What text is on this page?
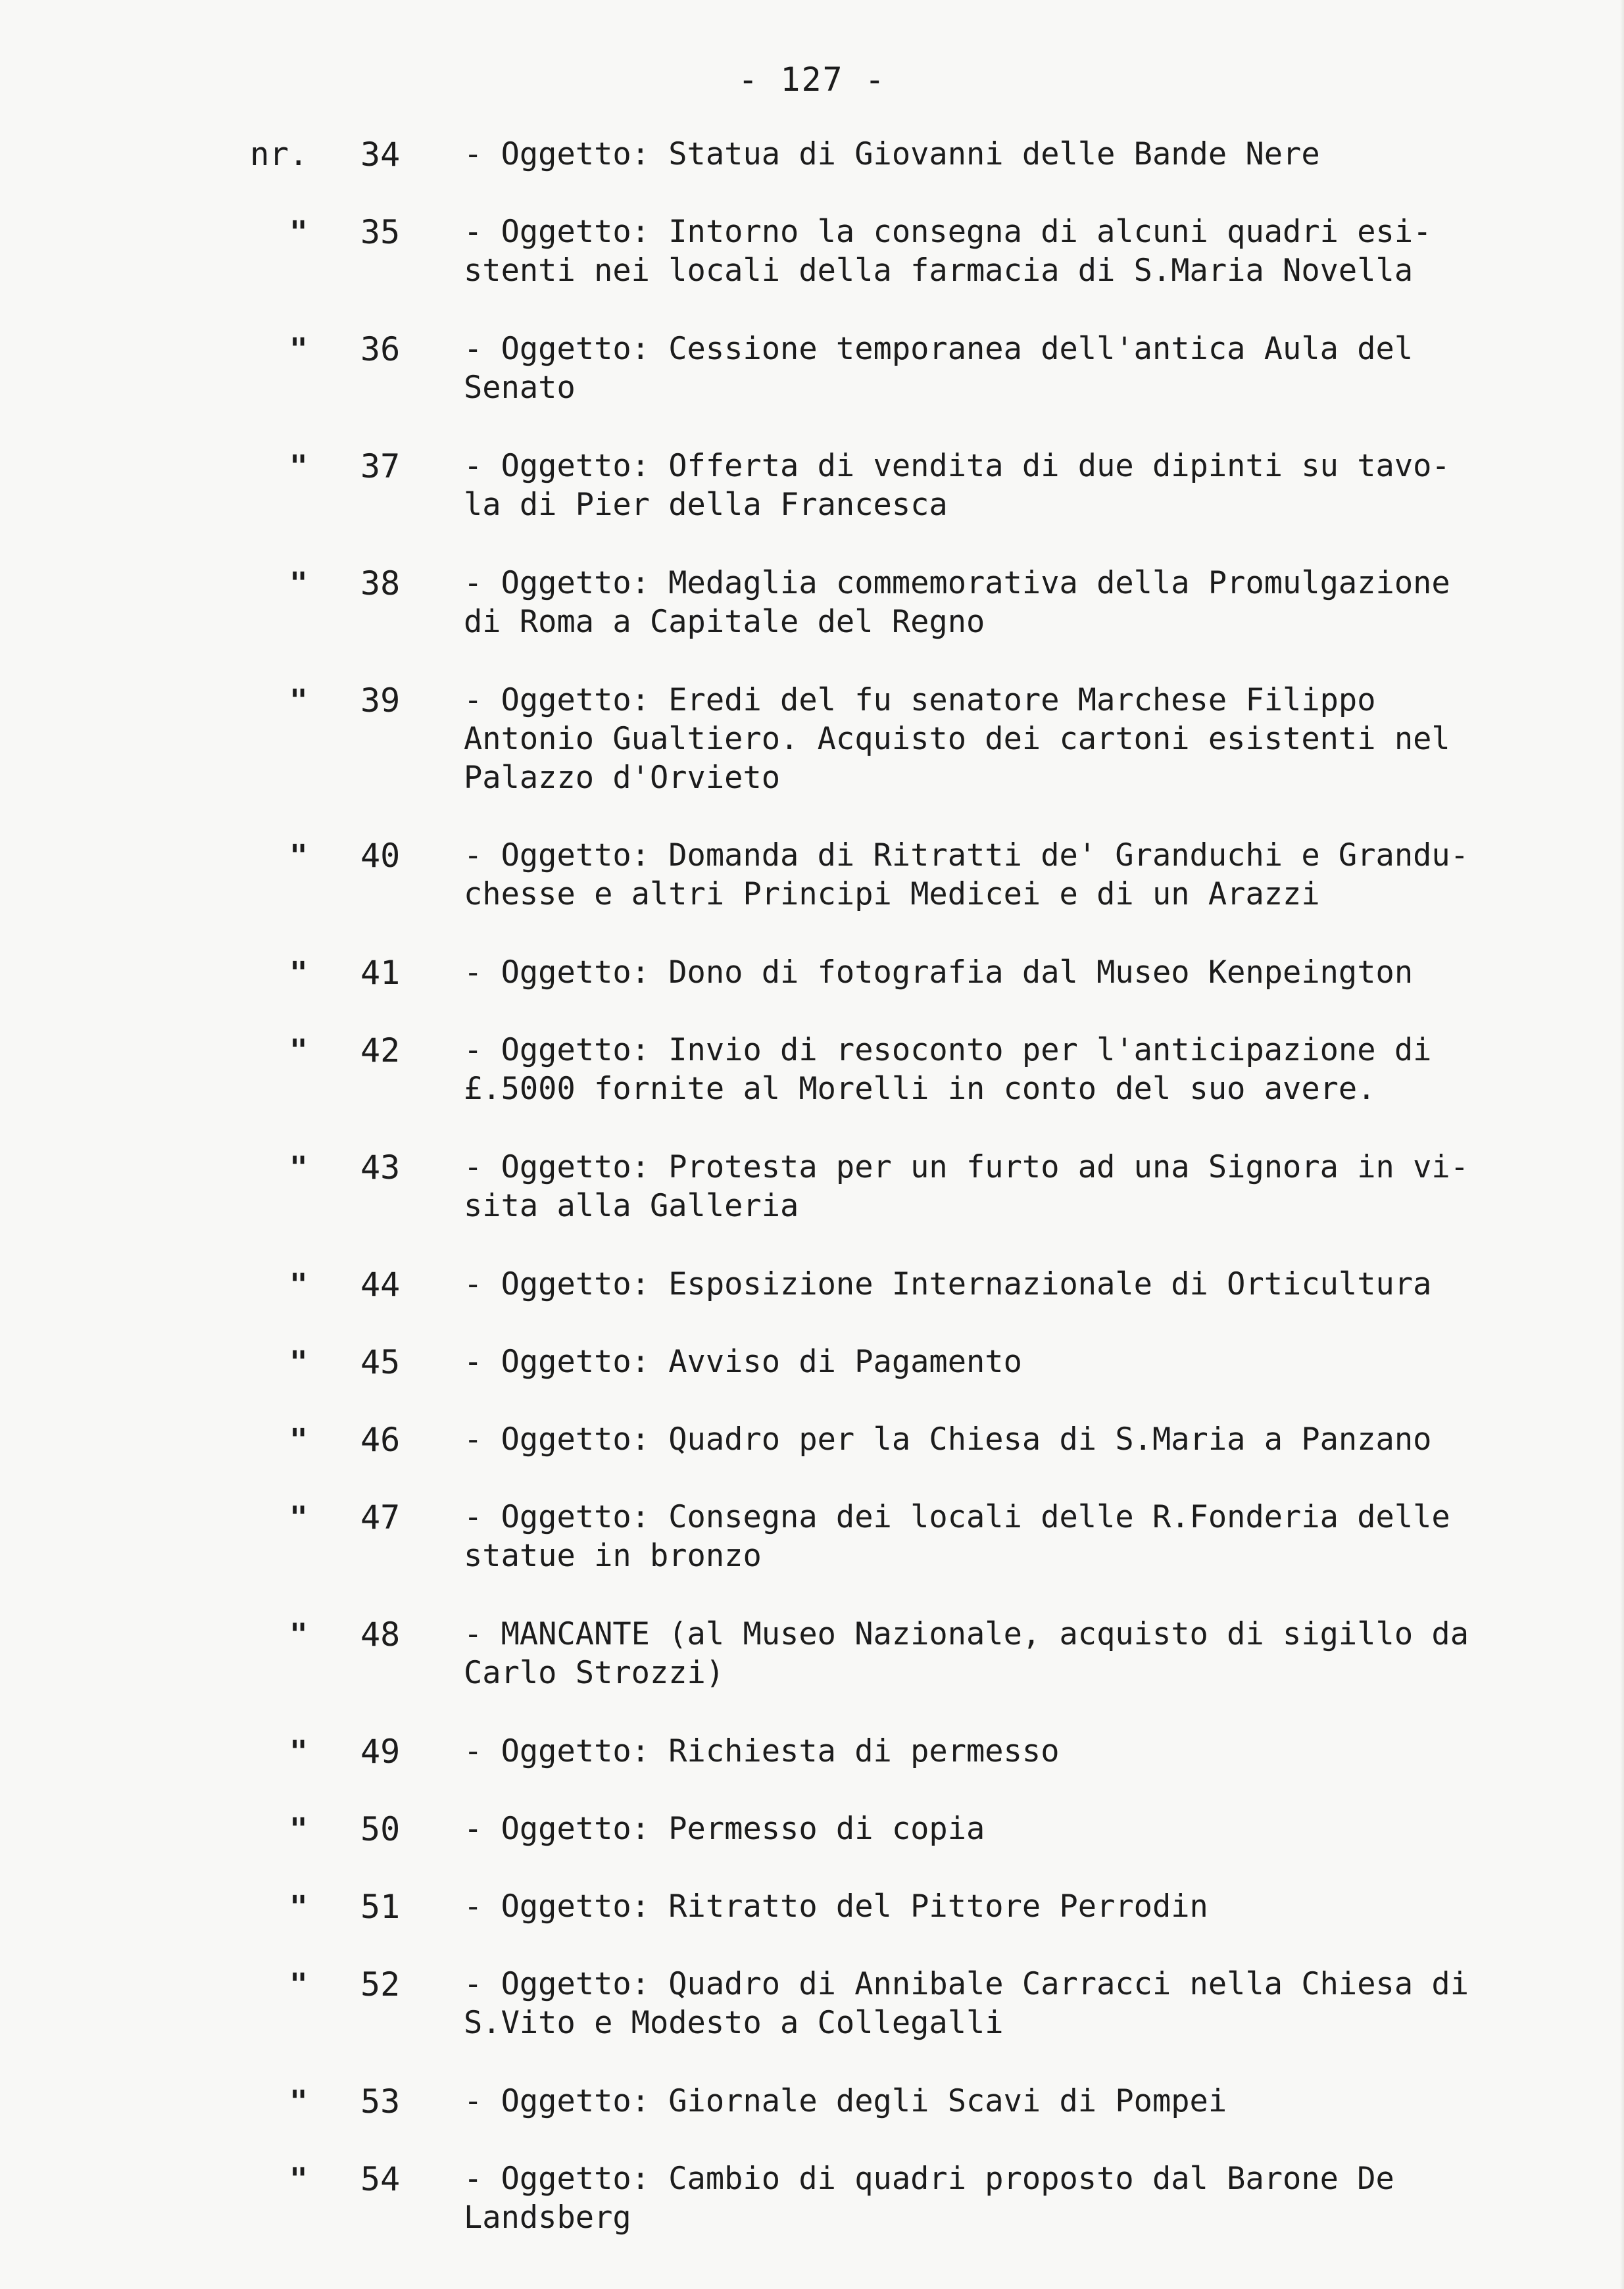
- 127 -
nr.	34	- Oggetto: Statua di Giovanni delle Bande Nere
" 35	- Oggetto: Intorno la consegna di alcuni quadri esi-
stenti nei locali della farmacia di S.Maria Novella
" 36	- Oggetto: Cessione temporanea dell'antica Aula del
Senato
" 37	- Oggetto: Offerta di vendita di due dipinti su tavo-
la di Pier della Francesca
" 38	- Oggetto: Medaglia commemorativa della Promulgazione
di Roma a Capitale del Regno
" 39	- Oggetto: Eredi del fu senatore Marchese Filippo
Antonio Gualtiero. Acquisto dei cartoni esistenti nel
Palazzo d'Orvieto
" 40	- Oggetto: Domanda di Ritratti de' Granduchi e Grandu-
chesse e altri Principi Medicei e di un Arazzi
" 41	- Oggetto: Dono di fotografia dal Museo Kenpeington
" 42	- Oggetto: Invio di resoconto per l'anticipazione di
£.5000 fornite al Morelli in conto del suo avere.
" 43	- Oggetto: Protesta per un furto ad una Signora in vi-
sita alla Galleria
" 44	- Oggetto: Esposizione Internazionale di Orticultura
" 45	- Oggetto: Avviso di Pagamento
" 46	- Oggetto: Quadro per la Chiesa di S.Maria a Panzano
" 47	- Oggetto: Consegna dei locali delle R.Fonderia delle
statue in bronzo
" 48	- MANCANTE (al Museo Nazionale, acquisto di sigillo da
Carlo Strozzi)
" 49	- Oggetto: Richiesta di permesso
" 50	- Oggetto: Permesso di copia
" 51	- Oggetto: Ritratto del Pittore Perrodin
" 52	- Oggetto: Quadro di Annibale Carracci nella Chiesa di
S.Vito e Modesto a Collegalli
" 53	- Oggetto: Giornale degli Scavi di Pompei
" 54	- Oggetto: Cambio di quadri proposto dal Barone De
Landsberg
